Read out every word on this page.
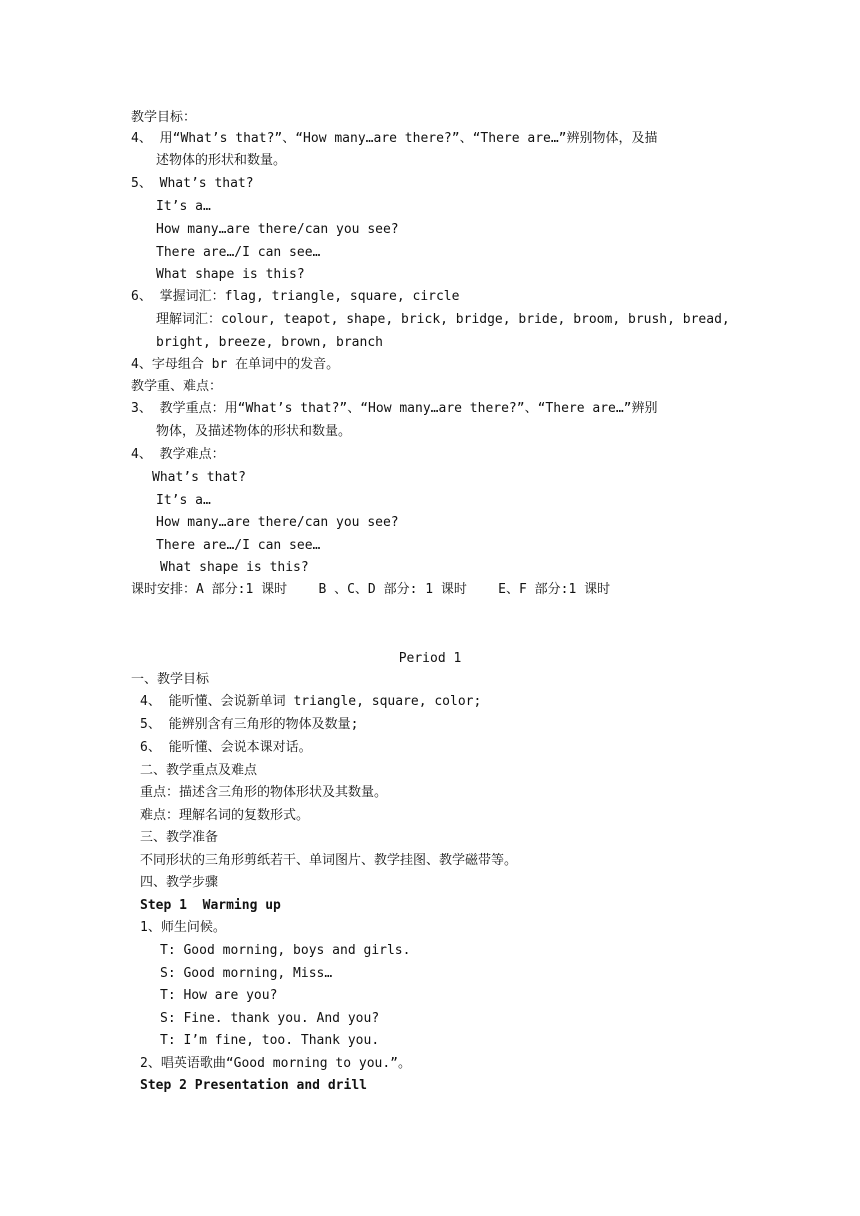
教学目标：
4、 用“What’s that?”、“How many…are there?”、“There are…”辨别物体，及描
述物体的形状和数量。
5、 What’s that?
It’s a…
How many…are there/can you see?
There are…/I can see…
What shape is this?
6、 掌握词汇：flag, triangle, square, circle
理解词汇：colour, teapot, shape, brick, bridge, bride, broom, brush, bread,
bright, breeze, brown, branch
4、字母组合 br 在单词中的发音。
教学重、难点：
3、 教学重点：用“What’s that?”、“How many…are there?”、“There are…”辨别
物体，及描述物体的形状和数量。
4、 教学难点：
What’s that?
It’s a…
How many…are there/can you see?
There are…/I can see…
What shape is this?
课时安排：A 部分:1 课时    B 、C、D 部分: 1 课时    E、F 部分:1 课时
Period 1
一、教学目标
4、 能听懂、会说新单词 triangle, square, color;
5、 能辨别含有三角形的物体及数量;
6、 能听懂、会说本课对话。
二、教学重点及难点
重点：描述含三角形的物体形状及其数量。
难点：理解名词的复数形式。
三、教学准备
不同形状的三角形剪纸若干、单词图片、教学挂图、教学磁带等。
四、教学步骤
Step 1  Warming up
1、师生问候。
T: Good morning, boys and girls.
S: Good morning, Miss…
T: How are you?
S: Fine. thank you. And you?
T: I’m fine, too. Thank you.
2、唱英语歌曲“Good morning to you.”。
Step 2 Presentation and drill
